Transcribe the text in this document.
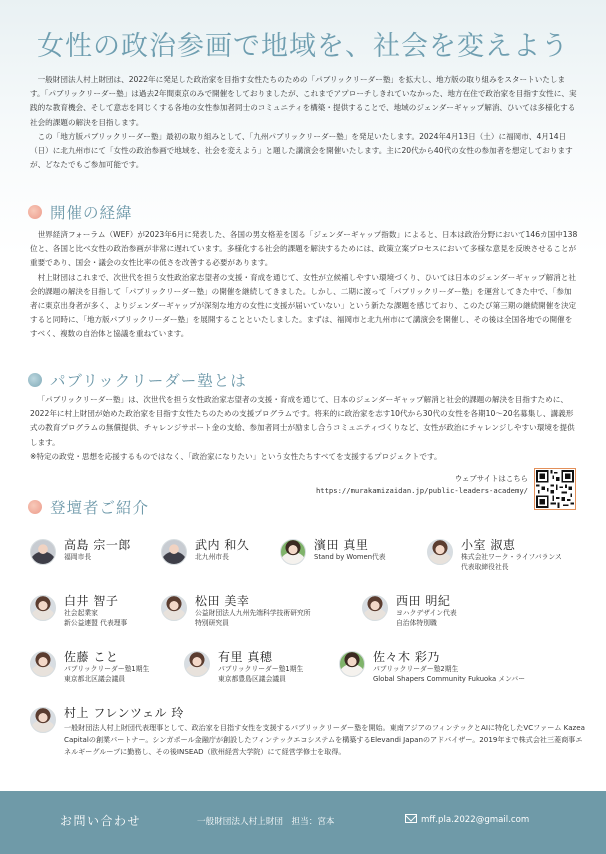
女性の政治参画で地域を、社会を変えよう

一般財団法人村上財団は、2022年に発足した政治家を目指す女性たちのための「パブリックリーダー塾」を拡大し、地方版の取り組みをスタートいたします。「パブリックリーダー塾」は過去2年間東京のみで開催をしておりましたが、これまでアプローチしきれていなかった、地方在住で政治家を目指す女性に、実践的な教育機会、そして意志を同じくする各地の女性参加者同士のコミュニティを構築・提供することで、地域のジェンダーギャップ解消、ひいては多様化する社会的課題の解決を目指します。

この「地方版パブリックリーダー塾」最初の取り組みとして、「九州パブリックリーダー塾」を発足いたします。2024年4月13日（土）に福岡市、4月14日（日）に北九州市にて「女性の政治参画で地域を、社会を変えよう」と題した講演会を開催いたします。主に20代から40代の女性の参加者を想定しておりますが、どなたでもご参加可能です。

開催の経緯

世界経済フォーラム（WEF）が2023年6月に発表した、各国の男女格差を図る「ジェンダーギャップ指数」によると、日本は政治分野において146カ国中138位と、各国と比べ女性の政治参画が非常に遅れています。多様化する社会的課題を解決するためには、政策立案プロセスにおいて多様な意見を反映させることが重要であり、国会・議会の女性比率の低さを改善する必要があります。

村上財団はこれまで、次世代を担う女性政治家志望者の支援・育成を通じて、女性が立候補しやすい環境づくり、ひいては日本のジェンダーギャップ解消と社会的課題の解決を目指して「パブリックリーダー塾」の開催を継続してきました。しかし、二期に渡って「パブリックリーダー塾」を運営してきた中で、「参加者に東京出身者が多く、よりジェンダーギャップが深刻な地方の女性に支援が届いていない」という新たな課題を感じており、このたび第三期の継続開催を決定すると同時に、「地方版パブリックリーダー塾」を展開することといたしました。まずは、福岡市と北九州市にて講演会を開催し、その後は全国各地での開催をすべく、複数の自治体と協議を重ねています。

パブリックリーダー塾とは

「パブリックリーダー塾」は、次世代を担う女性政治家志望者の支援・育成を通じて、日本のジェンダーギャップ解消と社会的課題の解決を目指すために、2022年に村上財団が始めた政治家を目指す女性たちのための支援プログラムです。将来的に政治家を志す10代から30代の女性を各期10〜20名募集し、講義形式の教育プログラムの無償提供、チャレンジサポート金の支給、参加者同士が励まし合うコミュニティづくりなど、女性が政治にチャレンジしやすい環境を提供します。

※特定の政党・思想を応援するものではなく、「政治家になりたい」という女性たちすべてを支援するプロジェクトです。

ウェブサイトはこちら
https://murakamizaidan.jp/public-leaders-academy/
登壇者ご紹介
高島 宗一郎
福岡市長
武内 和久
北九州市長
濱田 真里
Stand by Women代表
小室 淑恵
株式会社ワーク・ライフバランス
代表取締役社長
白井 智子
社会起業家
新公益連盟 代表理事
松田 美幸
公益財団法人九州先端科学技術研究所
特別研究員
西田 明紀
ヨハクデザイン代表
自治体特別職
佐藤 こと
パブリックリーダー塾1期生
東京都北区議会議員
有里 真穂
パブリックリーダー塾1期生
東京都豊島区議会議員
佐々木 彩乃
パブリックリーダー塾2期生
Global Shapers Community Fukuoka メンバー
村上 フレンツェル 玲
一般財団法人村上財団代表理事として、政治家を目指す女性を支援するパブリックリーダー塾を開始。東南アジアのフィンテックとAIに特化したVCファーム Kazea Capitalの創業パートナー。シンガポール金融庁が創設したフィンテックエコシステムを構築するElevandi Japanのアドバイザー。2019年まで株式会社三菱商事エネルギーグループに勤務し、その後INSEAD（欧州経営大学院）にて経営学修士を取得。
お問い合わせ	一般財団法人村上財団　担当：宮本	mff.pla.2022@gmail.com
